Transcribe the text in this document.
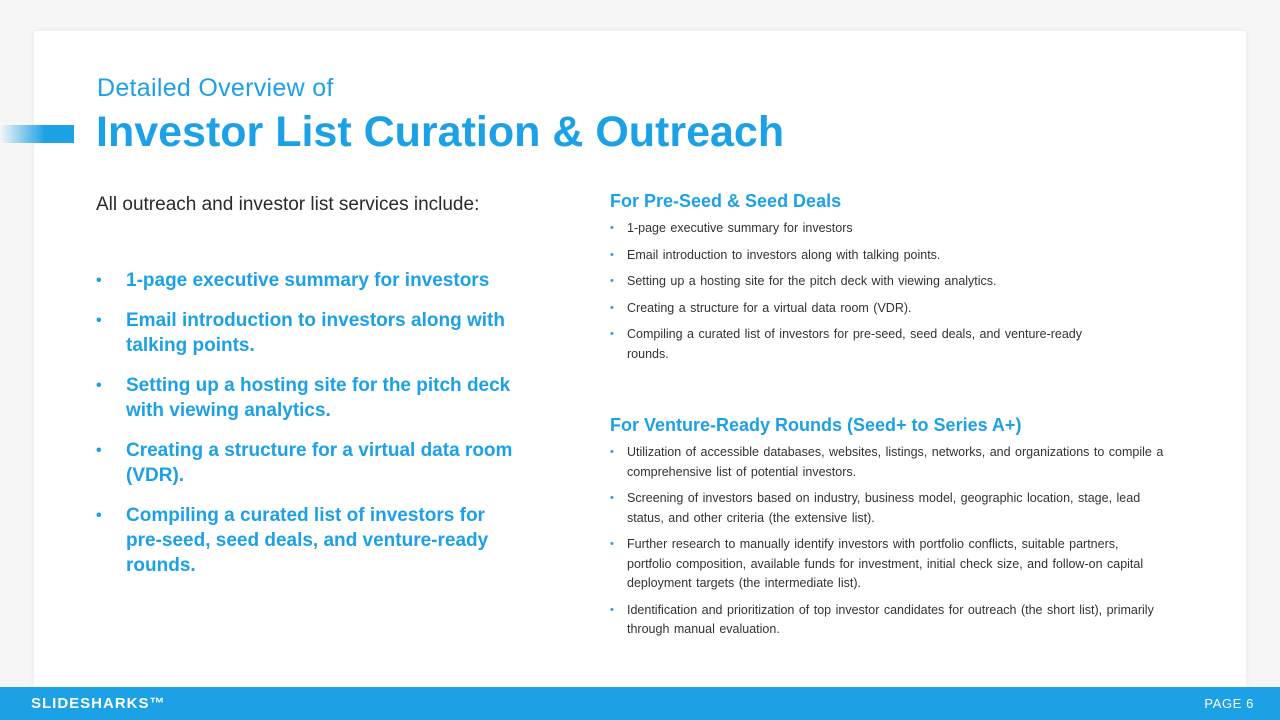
Detailed Overview of
Investor List Curation & Outreach
All outreach and investor list services include:
• 1-page executive summary for investors
• Email introduction to investors along with talking points.
• Setting up a hosting site for the pitch deck with viewing analytics.
• Creating a structure for a virtual data room (VDR).
• Compiling a curated list of investors for pre-seed, seed deals, and venture-ready rounds.
For Pre-Seed & Seed Deals
• 1-page executive summary for investors
• Email introduction to investors along with talking points.
• Setting up a hosting site for the pitch deck with viewing analytics.
• Creating a structure for a virtual data room (VDR).
• Compiling a curated list of investors for pre-seed, seed deals, and venture-ready rounds.
For Venture-Ready Rounds (Seed+ to Series A+)
• Utilization of accessible databases, websites, listings, networks, and organizations to compile a comprehensive list of potential investors.
• Screening of investors based on industry, business model, geographic location, stage, lead status, and other criteria (the extensive list).
• Further research to manually identify investors with portfolio conflicts, suitable partners, portfolio composition, available funds for investment, initial check size, and follow-on capital deployment targets (the intermediate list).
• Identification and prioritization of top investor candidates for outreach (the short list), primarily through manual evaluation.
SLIDESHARKS™	PAGE 6
